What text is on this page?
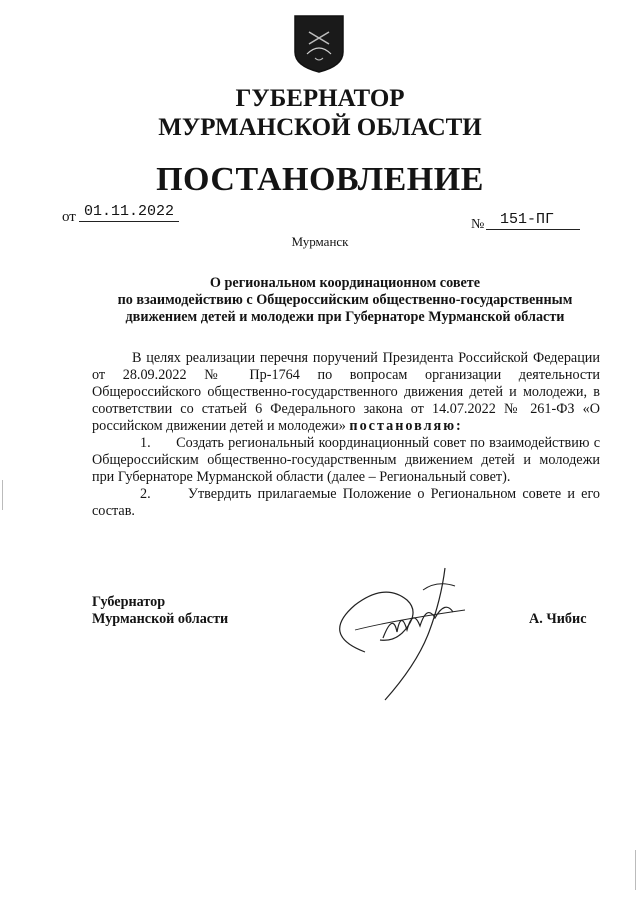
ГУБЕРНАТОР
МУРМАНСКОЙ ОБЛАСТИ
ПОСТАНОВЛЕНИЕ
от 01.11.2022
№	151-ПГ
Мурманск
О региональном координационном совете
по взаимодействию с Общероссийским общественно-государственным
движением детей и молодежи при Губернаторе Мурманской области

В целях реализации перечня поручений Президента Российской Федерации от 28.09.2022 № Пр-1764 по вопросам организации деятельности Общероссийского общественно-государственного движения детей и молодежи, в соответствии со статьей 6 Федерального закона от 14.07.2022 № 261-ФЗ «О российском движении детей и молодежи» постановляю:

1. Создать региональный координационный совет по взаимодействию с Общероссийским общественно-государственным движением детей и молодежи при Губернаторе Мурманской области (далее – Региональный совет).

2.	Утвердить прилагаемые Положение о Региональном совете и его состав.

Губернатор
Мурманской области	А. Чибис
